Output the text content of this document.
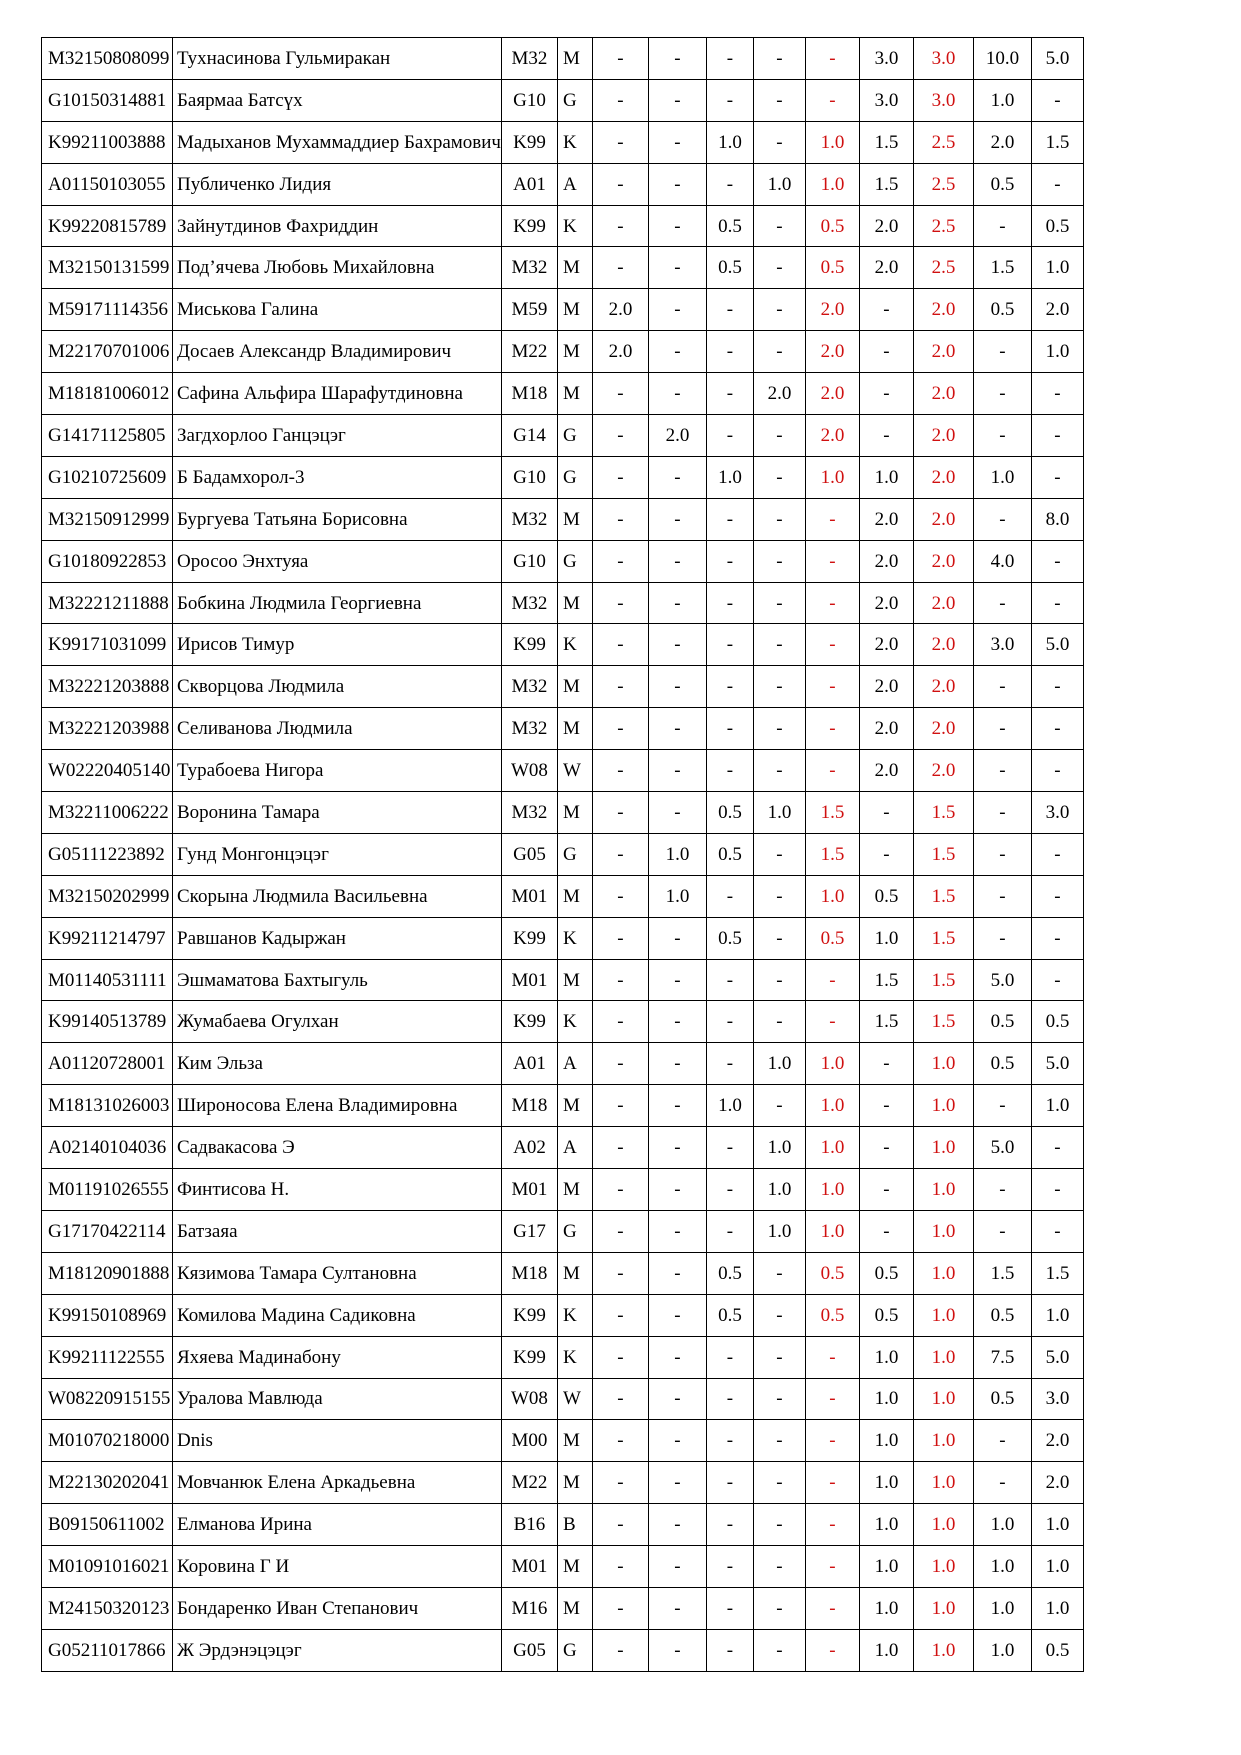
M32150808099	Тухнасинова Гульмиракан	M32	M	-	-	-	-	-	3.0	3.0	10.0	5.0
G10150314881	Баярмаа Батсүх	G10	G	-	-	-	-	-	3.0	3.0	1.0	-
K99211003888	Мадыханов Мухаммаддиер Бахрамович	K99	K	-	-	1.0	-	1.0	1.5	2.5	2.0	1.5
A01150103055	Публиченко Лидия	A01	A	-	-	-	1.0	1.0	1.5	2.5	0.5	-
K99220815789	Зайнутдинов Фахриддин	K99	K	-	-	0.5	-	0.5	2.0	2.5	-	0.5
M32150131599	Под’ячева Любовь Михайловна	M32	M	-	-	0.5	-	0.5	2.0	2.5	1.5	1.0
M59171114356	Миськова Галина	M59	M	2.0	-	-	-	2.0	-	2.0	0.5	2.0
M22170701006	Досаев Александр Владимирович	M22	M	2.0	-	-	-	2.0	-	2.0	-	1.0
M18181006012	Сафина Альфира Шарафутдиновна	M18	M	-	-	-	2.0	2.0	-	2.0	-	-
G14171125805	Загдхорлоо Ганцэцэг	G14	G	-	2.0	-	-	2.0	-	2.0	-	-
G10210725609	Б Бадамхорол-3	G10	G	-	-	1.0	-	1.0	1.0	2.0	1.0	-
M32150912999	Бургуева Татьяна Борисовна	M32	M	-	-	-	-	-	2.0	2.0	-	8.0
G10180922853	Оросоо Энхтуяа	G10	G	-	-	-	-	-	2.0	2.0	4.0	-
M32221211888	Бобкина Людмила Георгиевна	M32	M	-	-	-	-	-	2.0	2.0	-	-
K99171031099	Ирисов Тимур	K99	K	-	-	-	-	-	2.0	2.0	3.0	5.0
M32221203888	Скворцова Людмила	M32	M	-	-	-	-	-	2.0	2.0	-	-
M32221203988	Селиванова Людмила	M32	M	-	-	-	-	-	2.0	2.0	-	-
W02220405140	Турабоева Нигора	W08	W	-	-	-	-	-	2.0	2.0	-	-
M32211006222	Воронина Тамара	M32	M	-	-	0.5	1.0	1.5	-	1.5	-	3.0
G05111223892	Гунд Монгонцэцэг	G05	G	-	1.0	0.5	-	1.5	-	1.5	-	-
M32150202999	Скорына Людмила Васильевна	M01	M	-	1.0	-	-	1.0	0.5	1.5	-	-
K99211214797	Равшанов Кадыржан	K99	K	-	-	0.5	-	0.5	1.0	1.5	-	-
M01140531111	Эшмаматова Бахтыгуль	M01	M	-	-	-	-	-	1.5	1.5	5.0	-
K99140513789	Жумабаева Огулхан	K99	K	-	-	-	-	-	1.5	1.5	0.5	0.5
A01120728001	Ким Эльза	A01	A	-	-	-	1.0	1.0	-	1.0	0.5	5.0
M18131026003	Широносова Елена Владимировна	M18	M	-	-	1.0	-	1.0	-	1.0	-	1.0
A02140104036	Садвакасова Э	A02	A	-	-	-	1.0	1.0	-	1.0	5.0	-
M01191026555	Финтисова Н.	M01	M	-	-	-	1.0	1.0	-	1.0	-	-
G17170422114	Батзаяа	G17	G	-	-	-	1.0	1.0	-	1.0	-	-
M18120901888	Кязимова Тамара Султановна	M18	M	-	-	0.5	-	0.5	0.5	1.0	1.5	1.5
K99150108969	Комилова Мадина Садиковна	K99	K	-	-	0.5	-	0.5	0.5	1.0	0.5	1.0
K99211122555	Яхяева Мадинабону	K99	K	-	-	-	-	-	1.0	1.0	7.5	5.0
W08220915155	Уралова Мавлюда	W08	W	-	-	-	-	-	1.0	1.0	0.5	3.0
M01070218000	Dnis	M00	M	-	-	-	-	-	1.0	1.0	-	2.0
M22130202041	Мовчанюк Елена Аркадьевна	M22	M	-	-	-	-	-	1.0	1.0	-	2.0
B09150611002	Елманова Ирина	B16	B	-	-	-	-	-	1.0	1.0	1.0	1.0
M01091016021	Коровина Г И	M01	M	-	-	-	-	-	1.0	1.0	1.0	1.0
M24150320123	Бондаренко Иван Степанович	M16	M	-	-	-	-	-	1.0	1.0	1.0	1.0
G05211017866	Ж Эрдэнэцэцэг	G05	G	-	-	-	-	-	1.0	1.0	1.0	0.5
